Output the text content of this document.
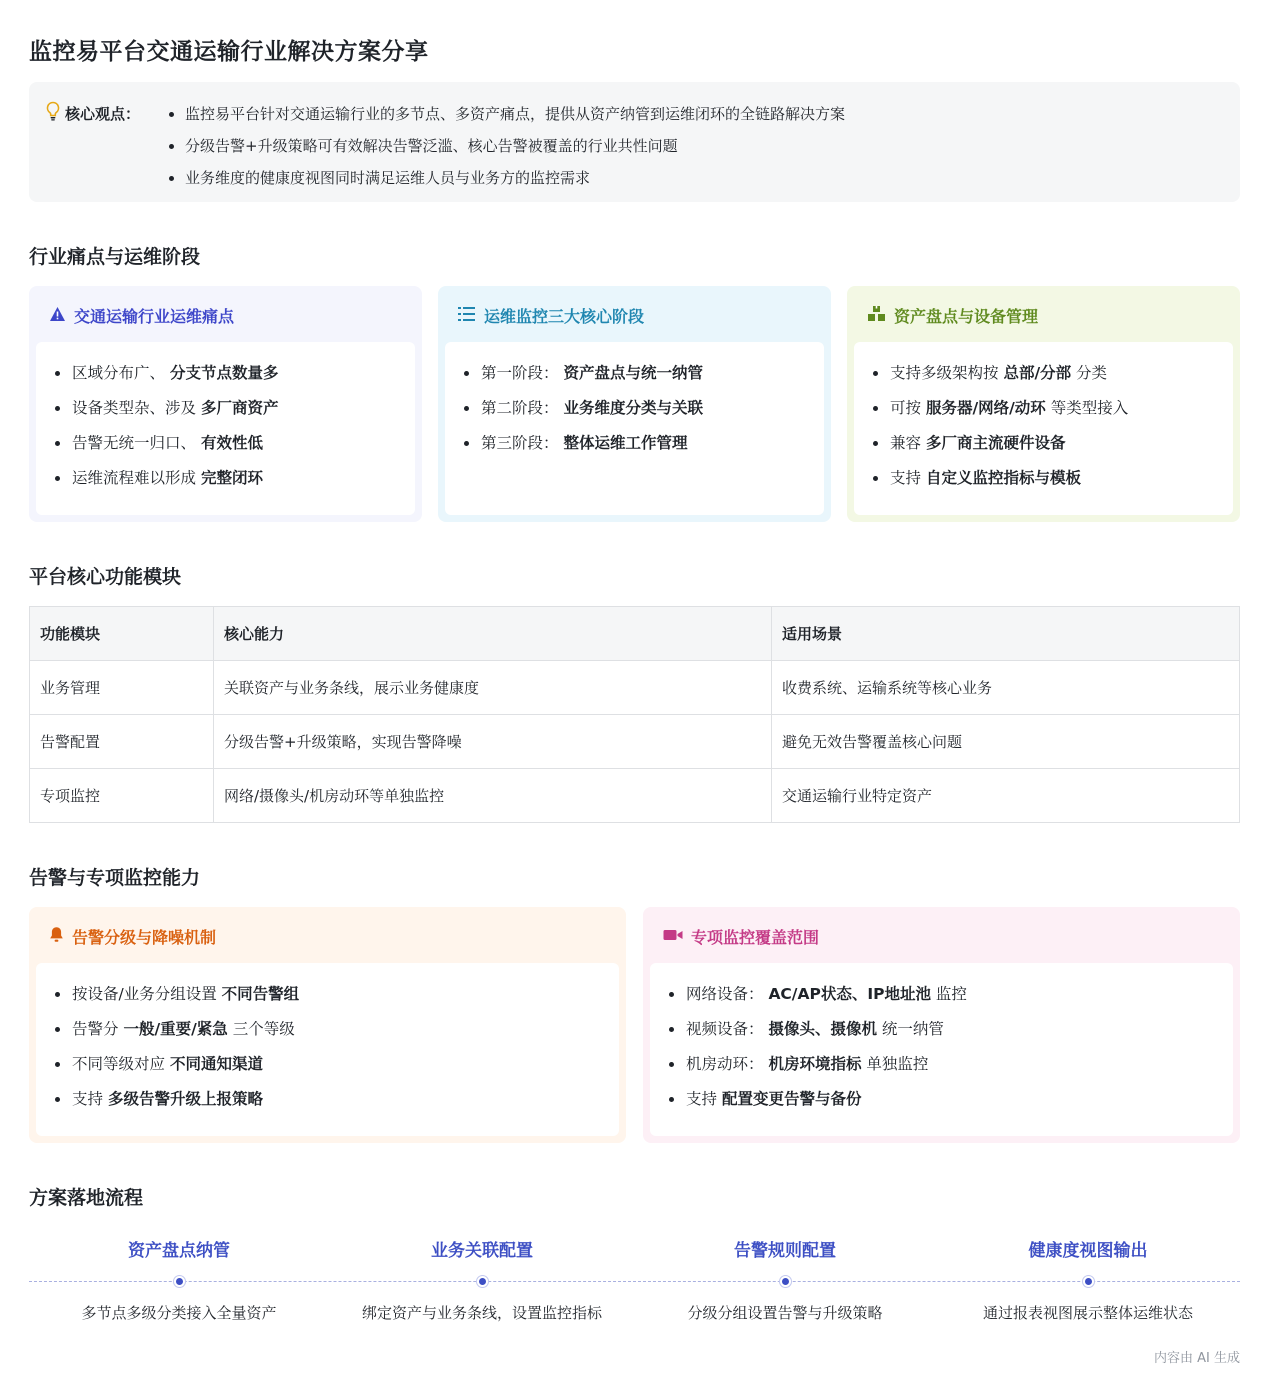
监控易平台交通运输行业解决方案分享
核心观点：	监控易平台针对交通运输行业的多节点、多资产痛点，提供从资产纳管到运维闭环的全链路解决方案
分级告警+升级策略可有效解决告警泛滥、核心告警被覆盖的行业共性问题
业务维度的健康度视图同时满足运维人员与业务方的监控需求
行业痛点与运维阶段
交通运输行业运维痛点
区域分布广、 分支节点数量多
设备类型杂、涉及 多厂商资产
告警无统一归口、 有效性低
运维流程难以形成 完整闭环
运维监控三大核心阶段
第一阶段： 资产盘点与统一纳管
第二阶段： 业务维度分类与关联
第三阶段： 整体运维工作管理
资产盘点与设备管理
支持多级架构按 总部/分部 分类
可按 服务器/网络/动环 等类型接入
兼容 多厂商主流硬件设备
支持 自定义监控指标与模板
平台核心功能模块
功能模块	核心能力	适用场景
业务管理	关联资产与业务条线，展示业务健康度	收费系统、运输系统等核心业务
告警配置	分级告警+升级策略，实现告警降噪	避免无效告警覆盖核心问题
专项监控	网络/摄像头/机房动环等单独监控	交通运输行业特定资产
告警与专项监控能力
告警分级与降噪机制
按设备/业务分组设置 不同告警组
告警分 一般/重要/紧急 三个等级
不同等级对应 不同通知渠道
支持 多级告警升级上报策略
专项监控覆盖范围
网络设备： AC/AP状态、IP地址池 监控
视频设备： 摄像头、摄像机 统一纳管
机房动环： 机房环境指标 单独监控
支持 配置变更告警与备份
方案落地流程
资产盘点纳管
多节点多级分类接入全量资产
业务关联配置
绑定资产与业务条线，设置监控指标
告警规则配置
分级分组设置告警与升级策略
健康度视图输出
通过报表视图展示整体运维状态
内容由 AI 生成
